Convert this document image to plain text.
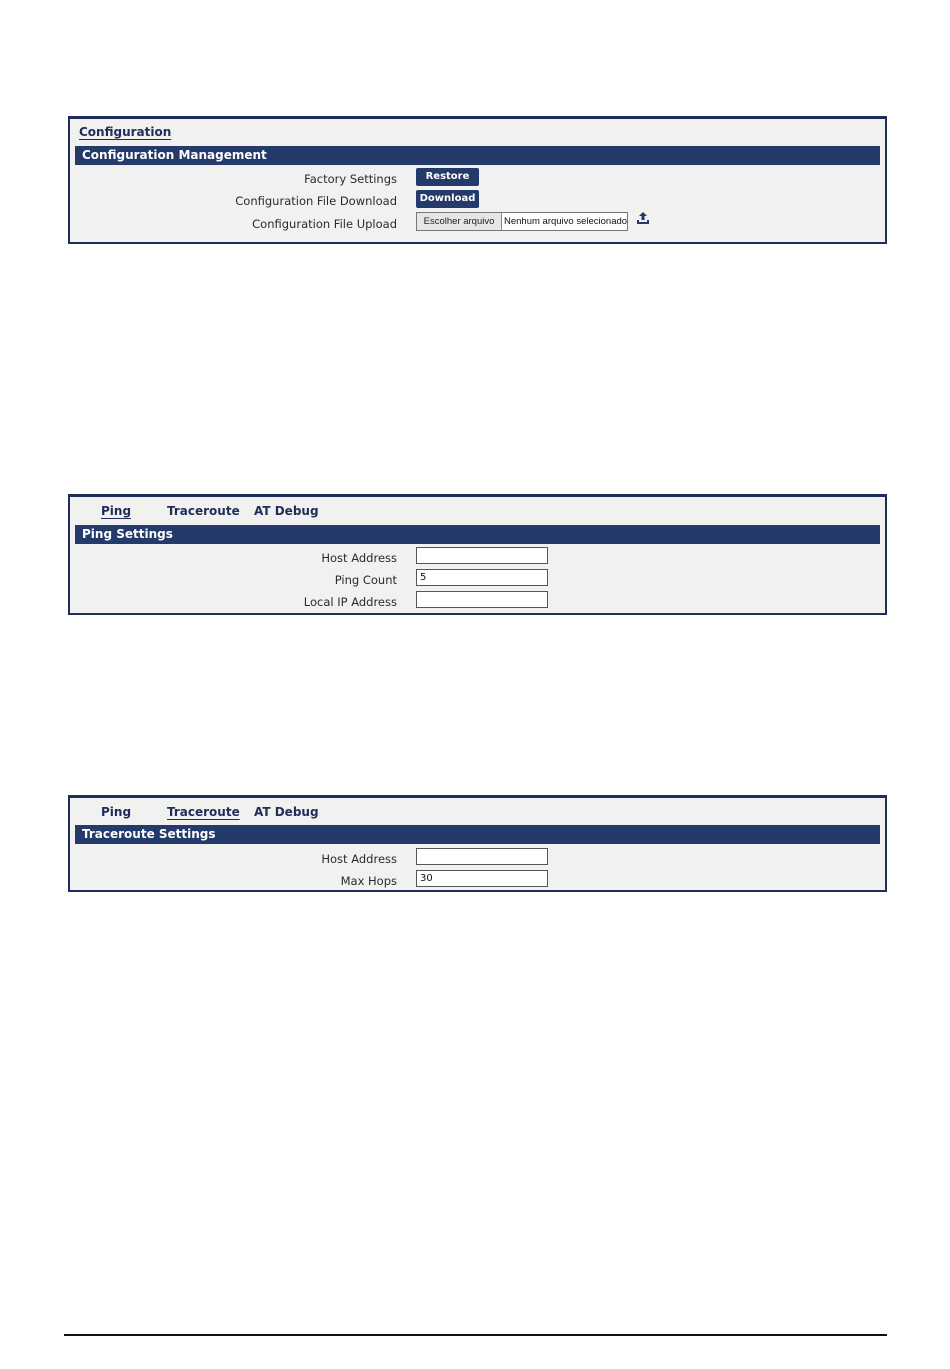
Configuration
Configuration Management
Factory Settings	Restore
Configuration File Download	Download
Configuration File Upload	Escolher arquivo	Nenhum arquivo selecionado
Ping	Traceroute AT Debug
Ping Settings
Host Address
Ping Count	5
Local IP Address
Ping	Traceroute AT Debug
Traceroute Settings
Host Address
Max Hops	30
